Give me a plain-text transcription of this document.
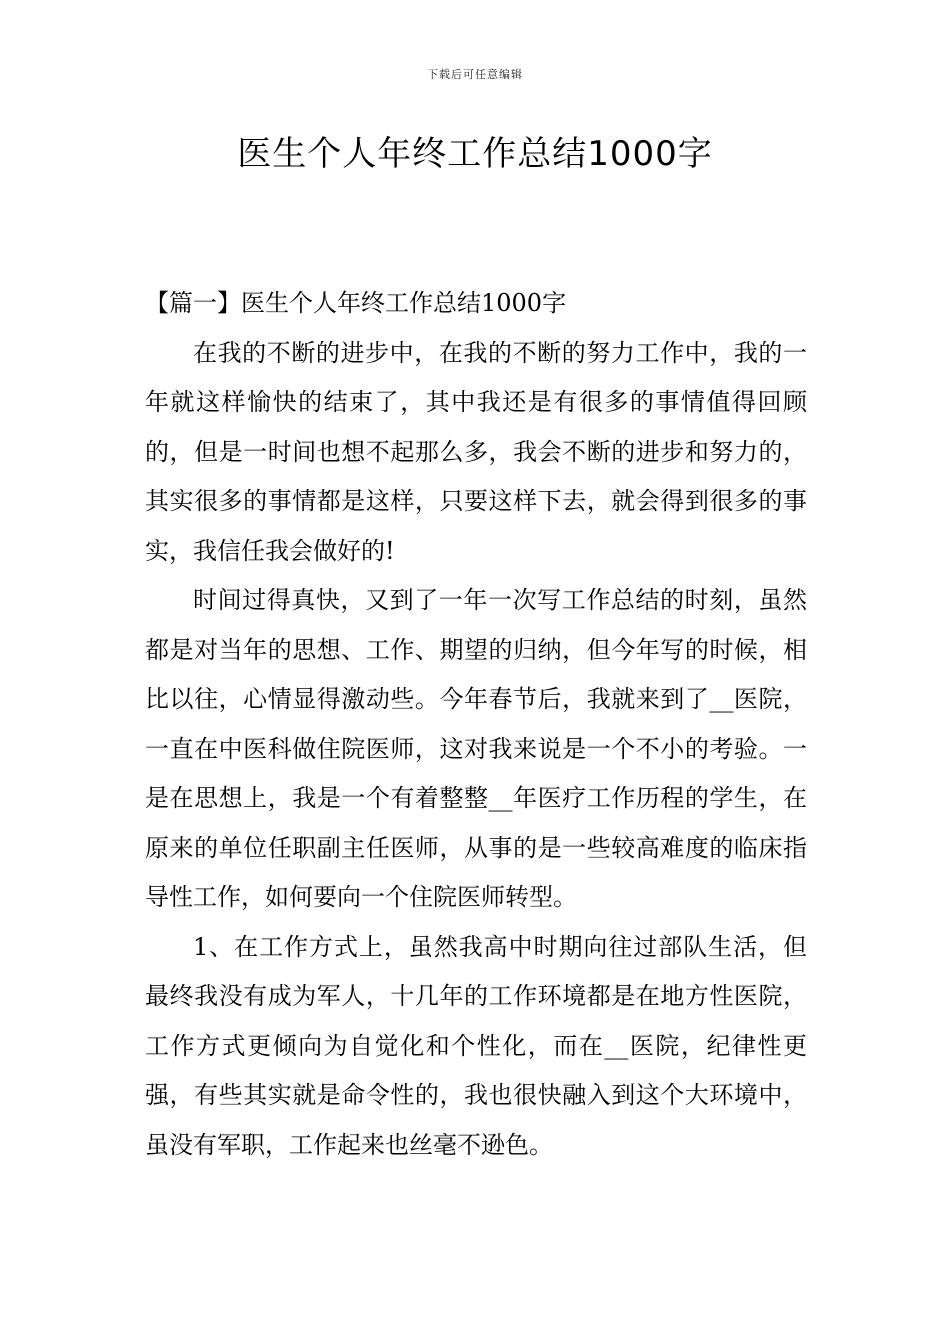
下载后可任意编辑
医生个人年终工作总结1000字

【篇一】医生个人年终工作总结1000字

在我的不断的进步中，在我的不断的努力工作中，我的一年就这样愉快的结束了，其中我还是有很多的事情值得回顾的，但是一时间也想不起那么多，我会不断的进步和努力的，其实很多的事情都是这样，只要这样下去，就会得到很多的事实，我信任我会做好的!

时间过得真快，又到了一年一次写工作总结的时刻，虽然都是对当年的思想、工作、期望的归纳，但今年写的时候，相比以往，心情显得激动些。今年春节后，我就来到了__医院，一直在中医科做住院医师，这对我来说是一个不小的考验。一是在思想上，我是一个有着整整__年医疗工作历程的学生，在原来的单位任职副主任医师，从事的是一些较高难度的临床指导性工作，如何要向一个住院医师转型。

1、在工作方式上，虽然我高中时期向往过部队生活，但最终我没有成为军人，十几年的工作环境都是在地方性医院，工作方式更倾向为自觉化和个性化，而在__医院，纪律性更强，有些其实就是命令性的，我也很快融入到这个大环境中，虽没有军职，工作起来也丝毫不逊色。
